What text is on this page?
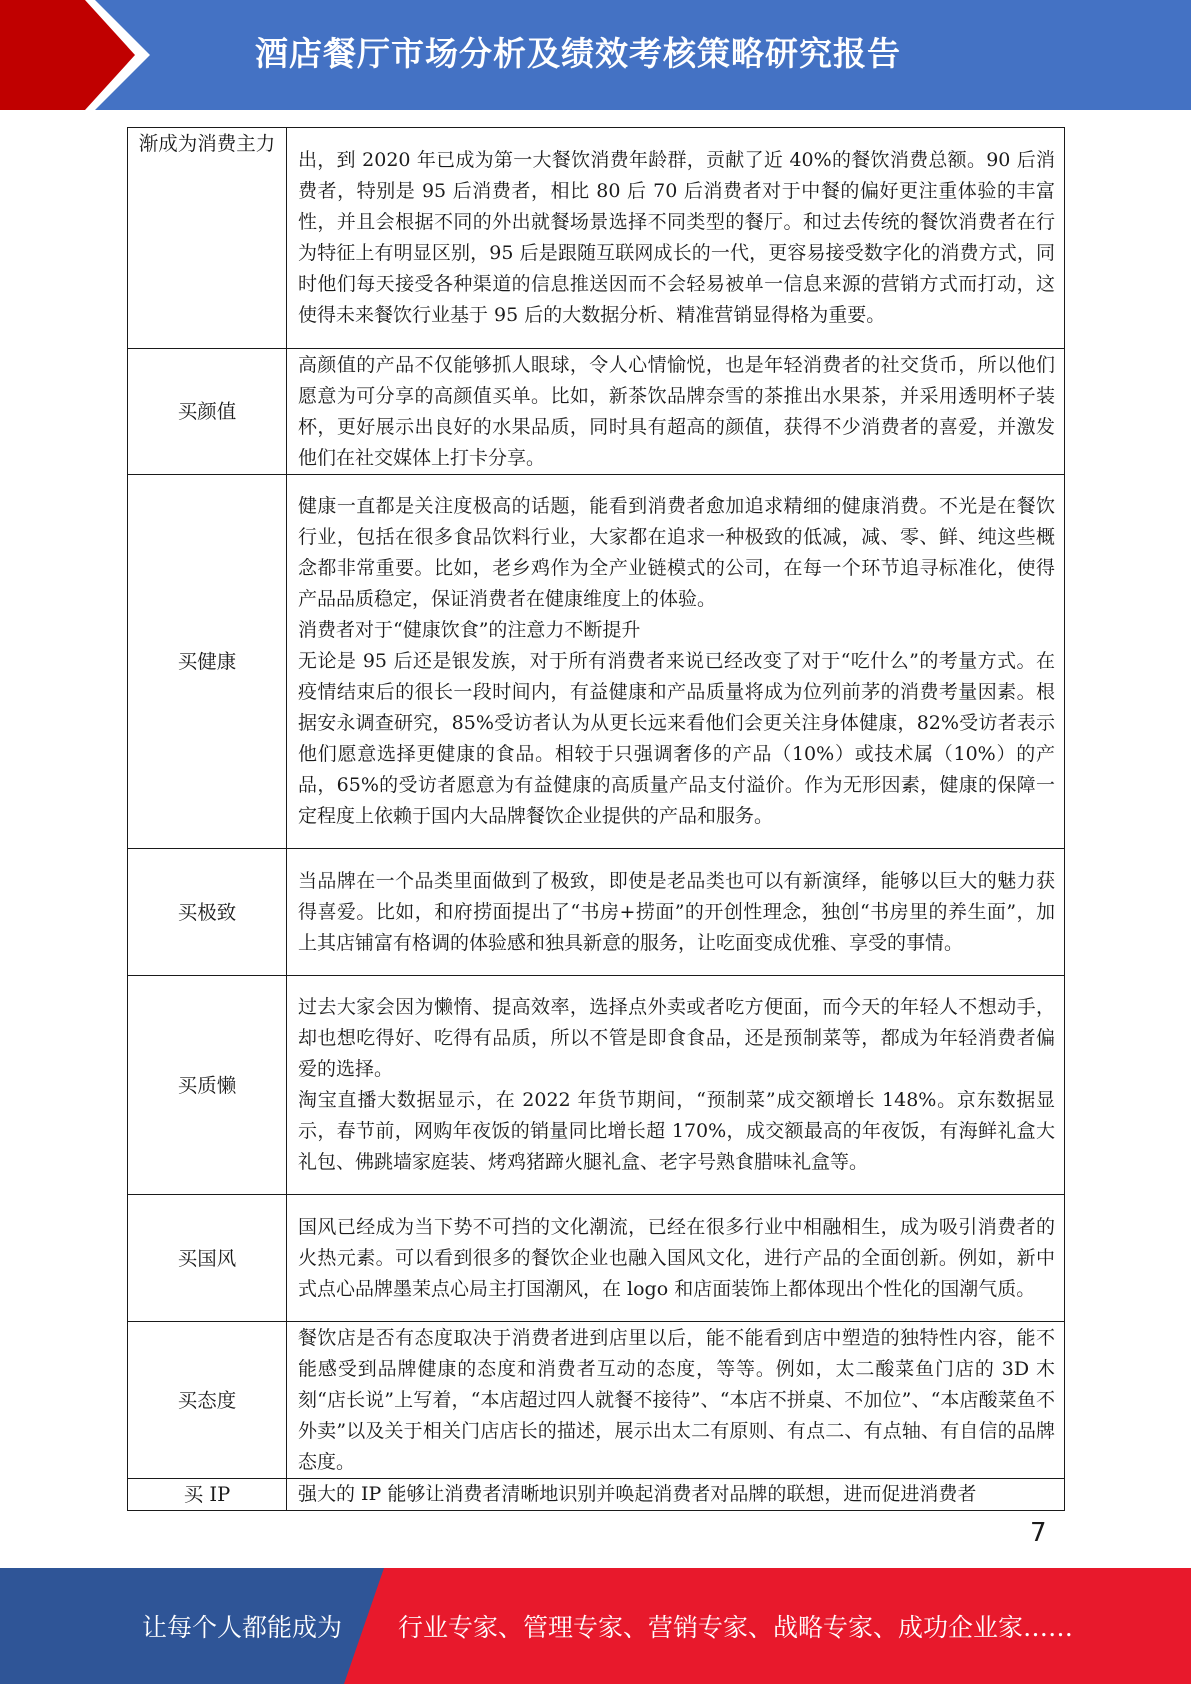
酒店餐厅市场分析及绩效考核策略研究报告
渐成为消费主力	出，到 2020 年已成为第一大餐饮消费年龄群，贡献了近 40%的餐饮消费总额。90 后消费者，特别是 95 后消费者，相比 80 后 70 后消费者对于中餐的偏好更注重体验的丰富性，并且会根据不同的外出就餐场景选择不同类型的餐厅。和过去传统的餐饮消费者在行为特征上有明显区别，95 后是跟随互联网成长的一代，更容易接受数字化的消费方式，同时他们每天接受各种渠道的信息推送因而不会轻易被单一信息来源的营销方式而打动，这使得未来餐饮行业基于 95 后的大数据分析、精准营销显得格为重要。

买颜值	高颜值的产品不仅能够抓人眼球，令人心情愉悦，也是年轻消费者的社交货币，所以他们愿意为可分享的高颜值买单。比如，新茶饮品牌奈雪的茶推出水果茶，并采用透明杯子装杯，更好展示出良好的水果品质，同时具有超高的颜值，获得不少消费者的喜爱，并激发他们在社交媒体上打卡分享。

买健康	健康一直都是关注度极高的话题，能看到消费者愈加追求精细的健康消费。不光是在餐饮行业，包括在很多食品饮料行业，大家都在追求一种极致的低减，减、零、鲜、纯这些概念都非常重要。比如，老乡鸡作为全产业链模式的公司，在每一个环节追寻标准化，使得产品品质稳定，保证消费者在健康维度上的体验。

消费者对于“健康饮食”的注意力不断提升

无论是 95 后还是银发族，对于所有消费者来说已经改变了对于“吃什么”的考量方式。在疫情结束后的很长一段时间内，有益健康和产品质量将成为位列前茅的消费考量因素。根据安永调查研究，85%受访者认为从更长远来看他们会更关注身体健康，82%受访者表示他们愿意选择更健康的食品。相较于只强调奢侈的产品（10%）或技术属（10%）的产品，65%的受访者愿意为有益健康的高质量产品支付溢价。作为无形因素，健康的保障一定程度上依赖于国内大品牌餐饮企业提供的产品和服务。

买极致	当品牌在一个品类里面做到了极致，即使是老品类也可以有新演绎，能够以巨大的魅力获得喜爱。比如，和府捞面提出了“书房+捞面”的开创性理念，独创“书房里的养生面”，加上其店铺富有格调的体验感和独具新意的服务，让吃面变成优雅、享受的事情。

买质懒	过去大家会因为懒惰、提高效率，选择点外卖或者吃方便面，而今天的年轻人不想动手，却也想吃得好、吃得有品质，所以不管是即食食品，还是预制菜等，都成为年轻消费者偏爱的选择。

淘宝直播大数据显示，在 2022 年货节期间，“预制菜”成交额增长 148%。京东数据显示，春节前，网购年夜饭的销量同比增长超 170%，成交额最高的年夜饭，有海鲜礼盒大礼包、佛跳墙家庭装、烤鸡猪蹄火腿礼盒、老字号熟食腊味礼盒等。

买国风	国风已经成为当下势不可挡的文化潮流，已经在很多行业中相融相生，成为吸引消费者的火热元素。可以看到很多的餐饮企业也融入国风文化，进行产品的全面创新。例如，新中式点心品牌墨茉点心局主打国潮风，在 logo 和店面装饰上都体现出个性化的国潮气质。

买态度	餐饮店是否有态度取决于消费者进到店里以后，能不能看到店中塑造的独特性内容，能不能感受到品牌健康的态度和消费者互动的态度，等等。例如，太二酸菜鱼门店的 3D 木刻“店长说”上写着，“本店超过四人就餐不接待”、“本店不拼桌、不加位”、“本店酸菜鱼不外卖”以及关于相关门店店长的描述，展示出太二有原则、有点二、有点轴、有自信的品牌态度。

买 IP	强大的 IP 能够让消费者清晰地识别并唤起消费者对品牌的联想，进而促进消费者

7
让每个人都能成为 行业专家、管理专家、营销专家、战略专家、成功企业家……
